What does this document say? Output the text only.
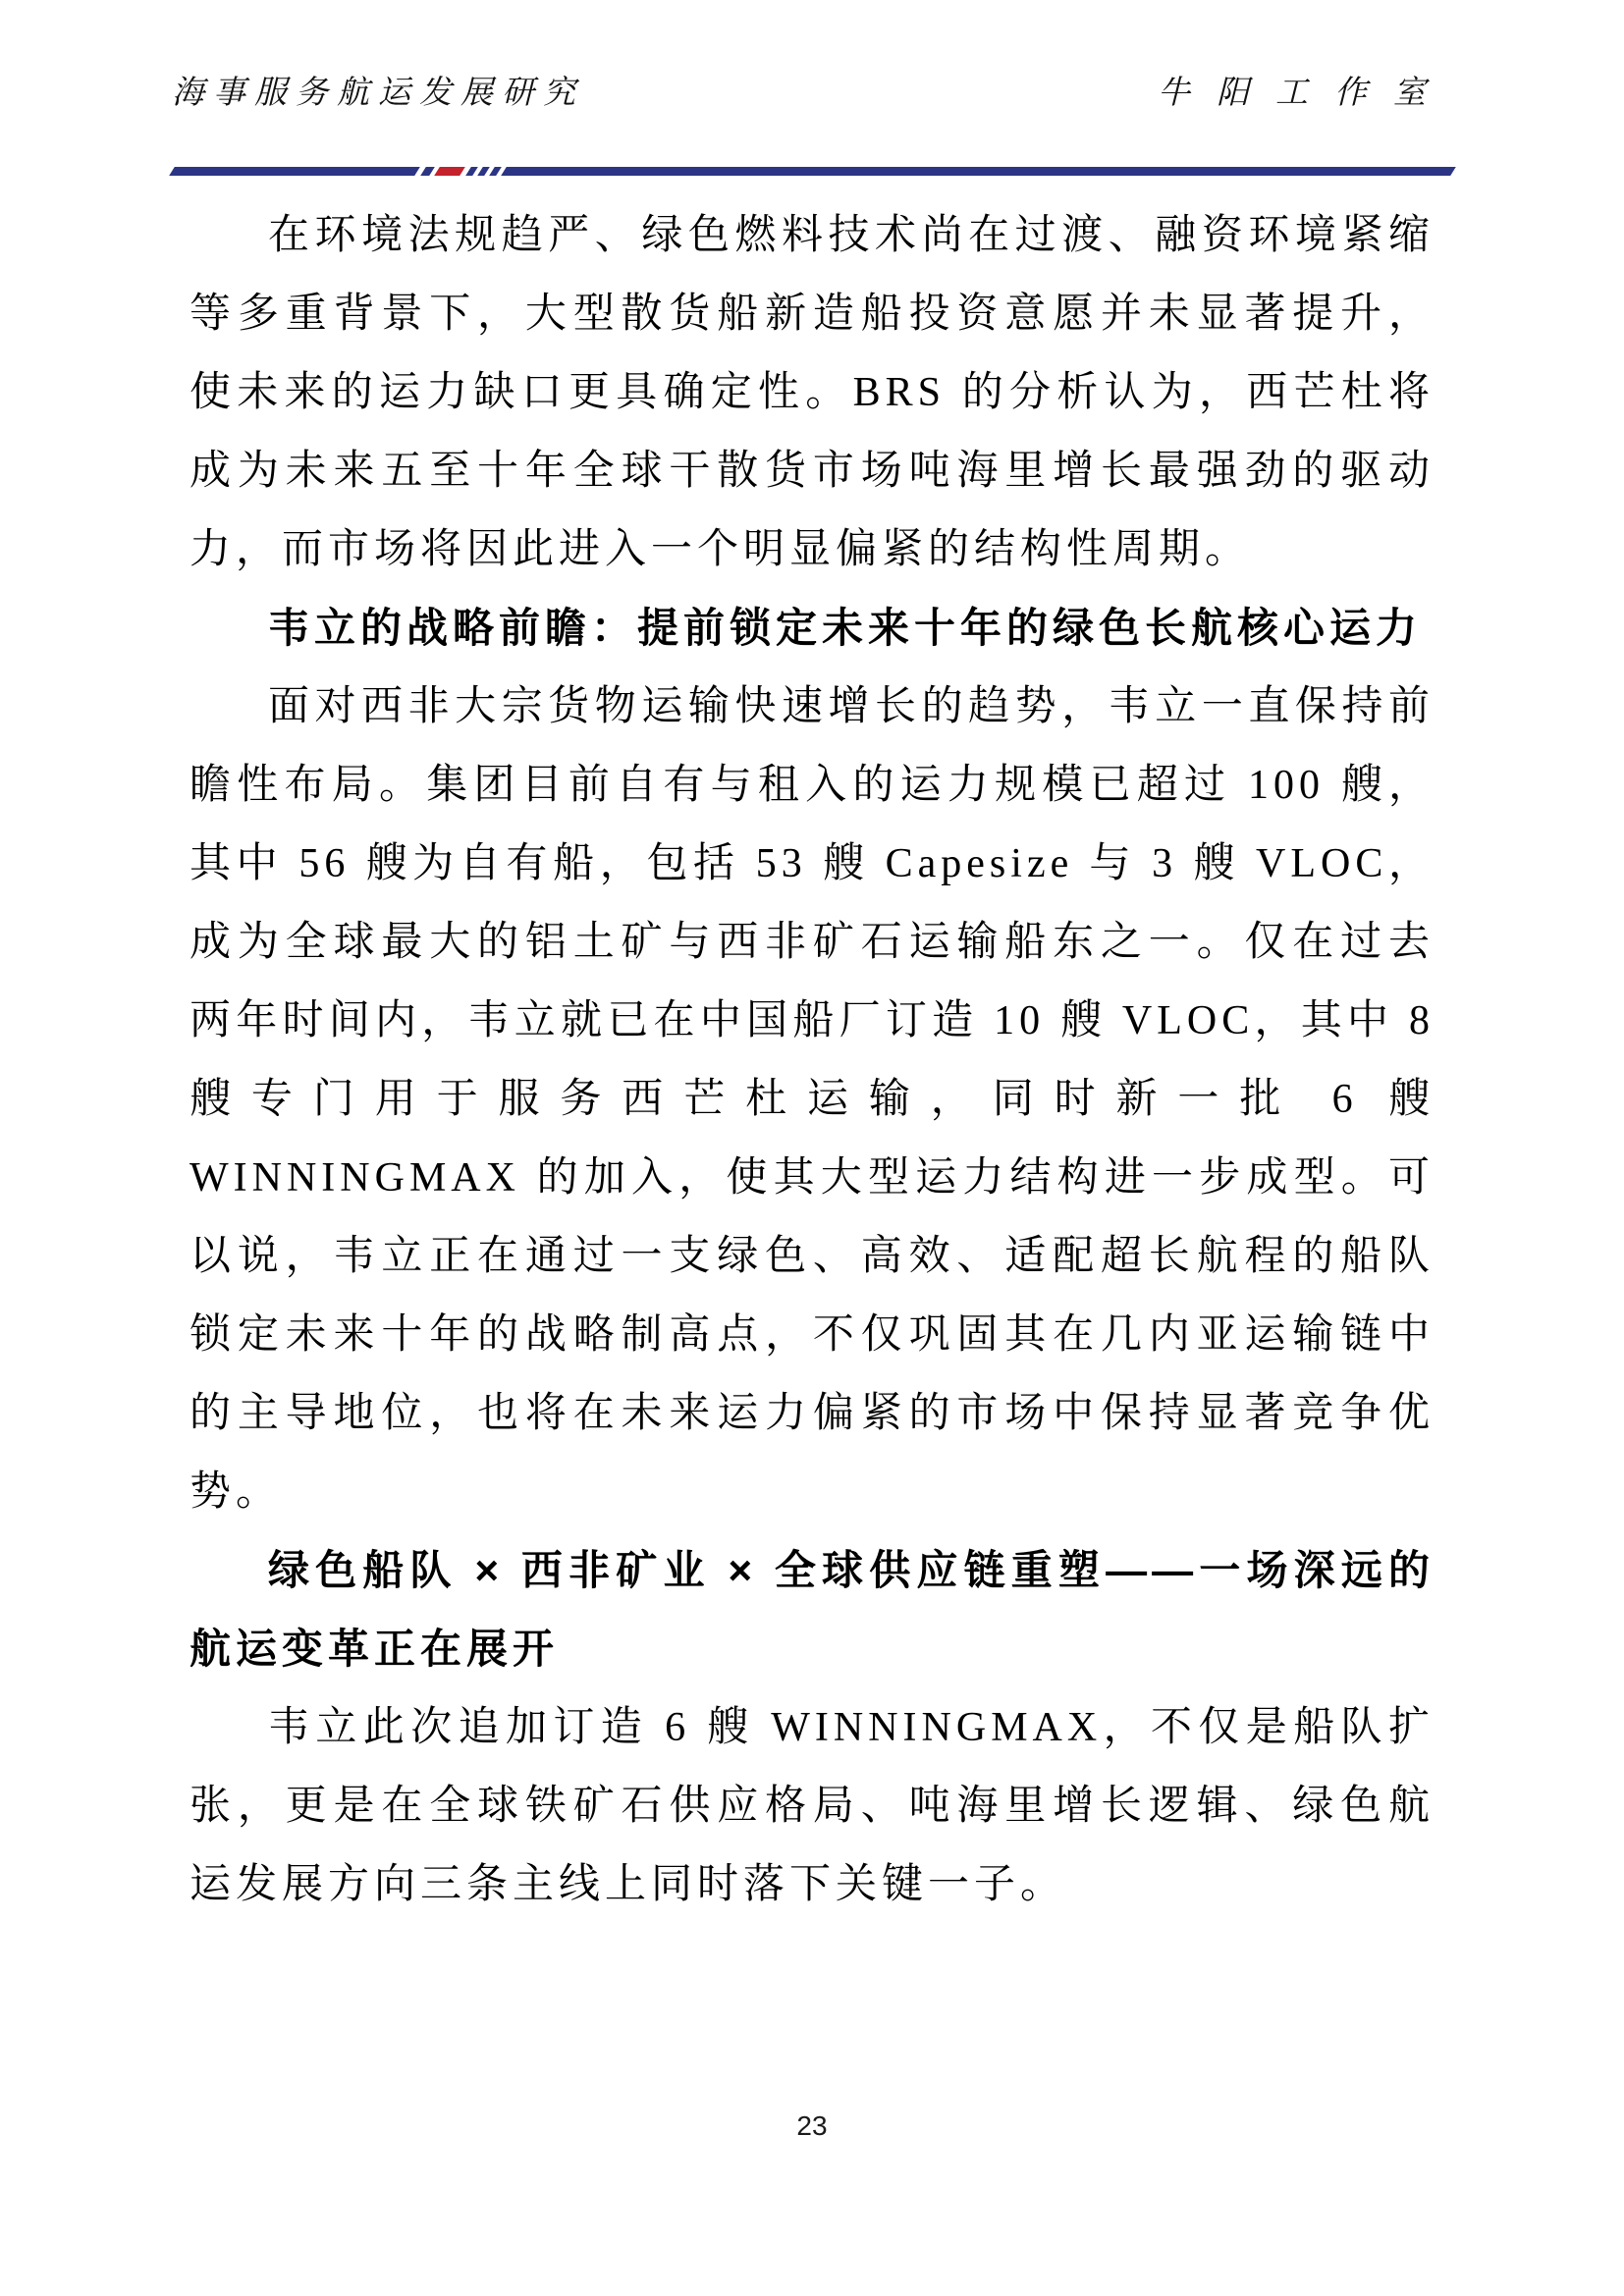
海事服务航运发展研究	牛阳工作室

在环境法规趋严、绿色燃料技术尚在过渡、融资环境紧缩等多重背景下，大型散货船新造船投资意愿并未显著提升，使未来的运力缺口更具确定性。BRS 的分析认为，西芒杜将成为未来五至十年全球干散货市场吨海里增长最强劲的驱动力，而市场将因此进入一个明显偏紧的结构性周期。

韦立的战略前瞻：提前锁定未来十年的绿色长航核心运力

面对西非大宗货物运输快速增长的趋势，韦立一直保持前瞻性布局。集团目前自有与租入的运力规模已超过 100 艘，其中 56 艘为自有船，包括 53 艘 Capesize 与 3 艘 VLOC，成为全球最大的铝土矿与西非矿石运输船东之一。仅在过去两年时间内，韦立就已在中国船厂订造 10 艘 VLOC，其中 8 艘专门用于服务西芒杜运输，同时新一批 6 艘 WINNINGMAX 的加入，使其大型运力结构进一步成型。可以说，韦立正在通过一支绿色、高效、适配超长航程的船队锁定未来十年的战略制高点，不仅巩固其在几内亚运输链中的主导地位，也将在未来运力偏紧的市场中保持显著竞争优势。

绿色船队 × 西非矿业 × 全球供应链重塑——一场深远的航运变革正在展开

韦立此次追加订造 6 艘 WINNINGMAX，不仅是船队扩张，更是在全球铁矿石供应格局、吨海里增长逻辑、绿色航运发展方向三条主线上同时落下关键一子。

23
